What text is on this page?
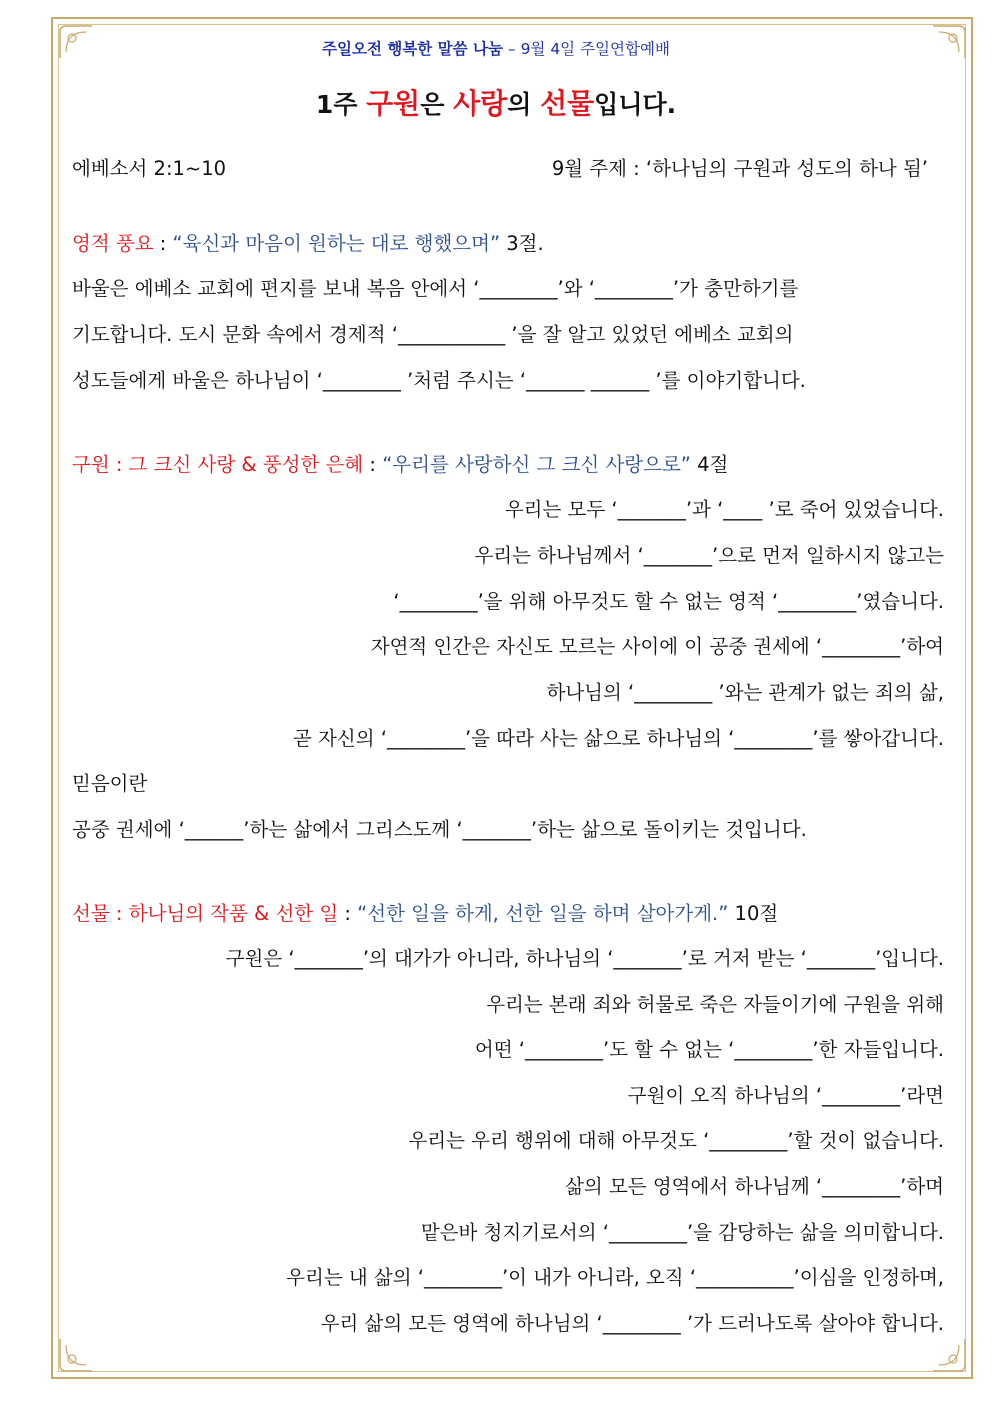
주일오전 행복한 말씀 나눔 – 9월 4일 주일연합예배
1주 구원은 사랑의 선물입니다.
에베소서 2:1~10	9월 주제 : ‘하나님의 구원과 성도의 하나 됨’
영적 풍요 : “육신과 마음이 원하는 대로 행했으며” 3절.
바울은 에베소 교회에 편지를 보내 복음 안에서 ‘________’와 ‘________’가 충만하기를
기도합니다. 도시 문화 속에서 경제적 ‘___________ ’을 잘 알고 있었던 에베소 교회의
성도들에게 바울은 하나님이 ‘________ ’처럼 주시는 ‘______ ______ ’를 이야기합니다.
구원 : 그 크신 사랑 & 풍성한 은혜 : “우리를 사랑하신 그 크신 사랑으로” 4절
우리는 모두 ‘_______’과 ‘____ ’로 죽어 있었습니다.
우리는 하나님께서 ‘_______’으로 먼저 일하시지 않고는
‘________’을 위해 아무것도 할 수 없는 영적 ‘________’였습니다.
자연적 인간은 자신도 모르는 사이에 이 공중 권세에 ‘________’하여
하나님의 ‘________ ’와는 관계가 없는 죄의 삶,
곧 자신의 ‘________’을 따라 사는 삶으로 하나님의 ‘________’를 쌓아갑니다.
믿음이란
공중 권세에 ‘______’하는 삶에서 그리스도께 ‘_______’하는 삶으로 돌이키는 것입니다.
선물 : 하나님의 작품 & 선한 일 : “선한 일을 하게, 선한 일을 하며 살아가게.” 10절
구원은 ‘_______’의 대가가 아니라, 하나님의 ‘_______’로 거저 받는 ‘_______’입니다.
우리는 본래 죄와 허물로 죽은 자들이기에 구원을 위해
어떤 ‘________’도 할 수 없는 ‘________’한 자들입니다.
구원이 오직 하나님의 ‘________’라면
우리는 우리 행위에 대해 아무것도 ‘________’할 것이 없습니다.
삶의 모든 영역에서 하나님께 ‘________’하며
맡은바 청지기로서의 ‘________’을 감당하는 삶을 의미합니다.
우리는 내 삶의 ‘________’이 내가 아니라, 오직 ‘__________’이심을 인정하며,
우리 삶의 모든 영역에 하나님의 ‘________ ’가 드러나도록 살아야 합니다.
